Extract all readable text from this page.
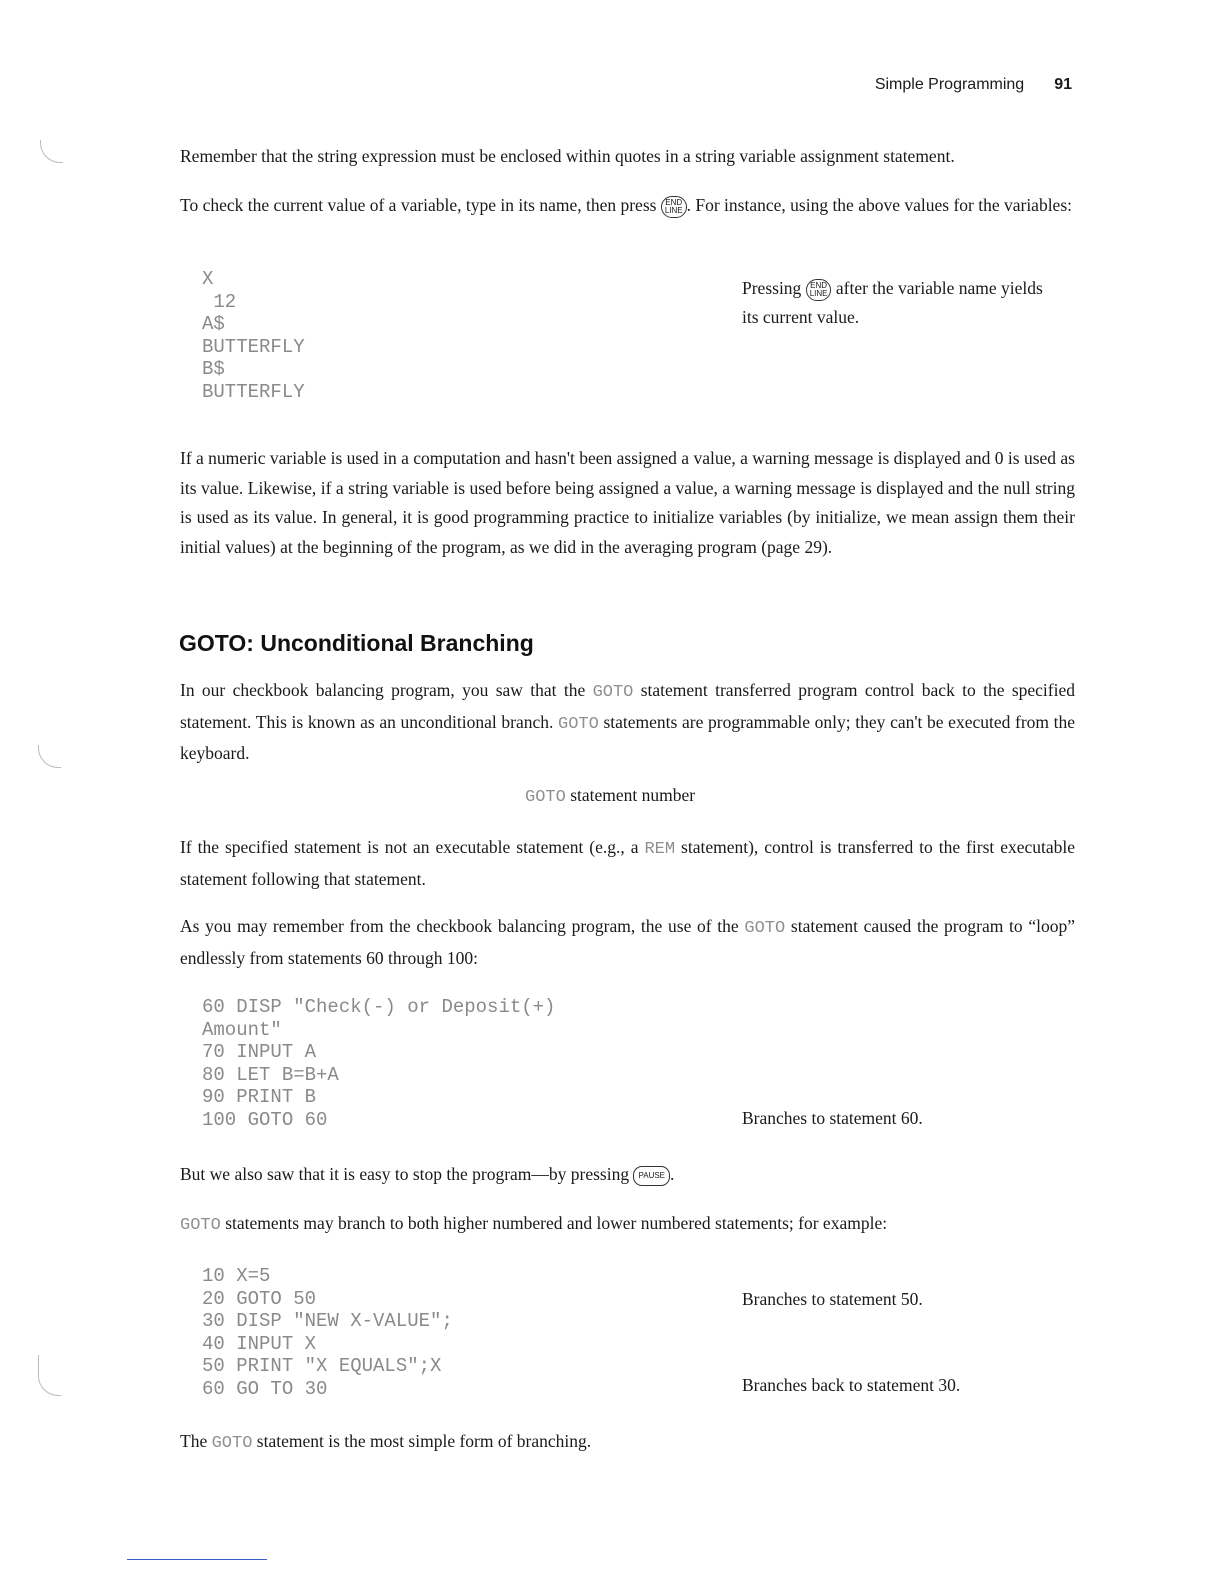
Simple Programming 91

Remember that the string expression must be enclosed within quotes in a string variable assignment statement.

To check the current value of a variable, type in its name, then press END
LINE . For instance, using the above values for the variables:

X
12
A$
BUTTERFLY
B$
BUTTERFLY

Pressing END
LINE after the variable name yields its current value.

If a numeric variable is used in a computation and hasn't been assigned a value, a warning message is displayed and 0 is used as its value. Likewise, if a string variable is used before being assigned a value, a warning message is displayed and the null string is used as its value. In general, it is good programming practice to initialize variables (by initialize, we mean assign them their initial values) at the beginning of the program, as we did in the averaging program (page 29).

GOTO: Unconditional Branching

In our checkbook balancing program, you saw that the GOTO statement transferred program control back to the specified statement. This is known as an unconditional branch. GOTO statements are programmable only; they can't be executed from the keyboard.

GOTO statement number

If the specified statement is not an executable statement (e.g., a REM statement), control is transferred to the first executable statement following that statement.

As you may remember from the checkbook balancing program, the use of the GOTO statement caused the program to “loop” endlessly from statements 60 through 100:

60 DISP "Check(-) or Deposit(+)
Amount"
70 INPUT A
80 LET B=B+A
90 PRINT B
100 GOTO 60	Branches to statement 60.

But we also saw that it is easy to stop the program—by pressing PAUSE .

GOTO statements may branch to both higher numbered and lower numbered statements; for example:

10 X=5
20 GOTO 50
30 DISP "NEW X-VALUE";
40 INPUT X
50 PRINT "X EQUALS";X
60 GO TO 30

Branches to statement 50.

Branches back to statement 30.

The GOTO statement is the most simple form of branching.
